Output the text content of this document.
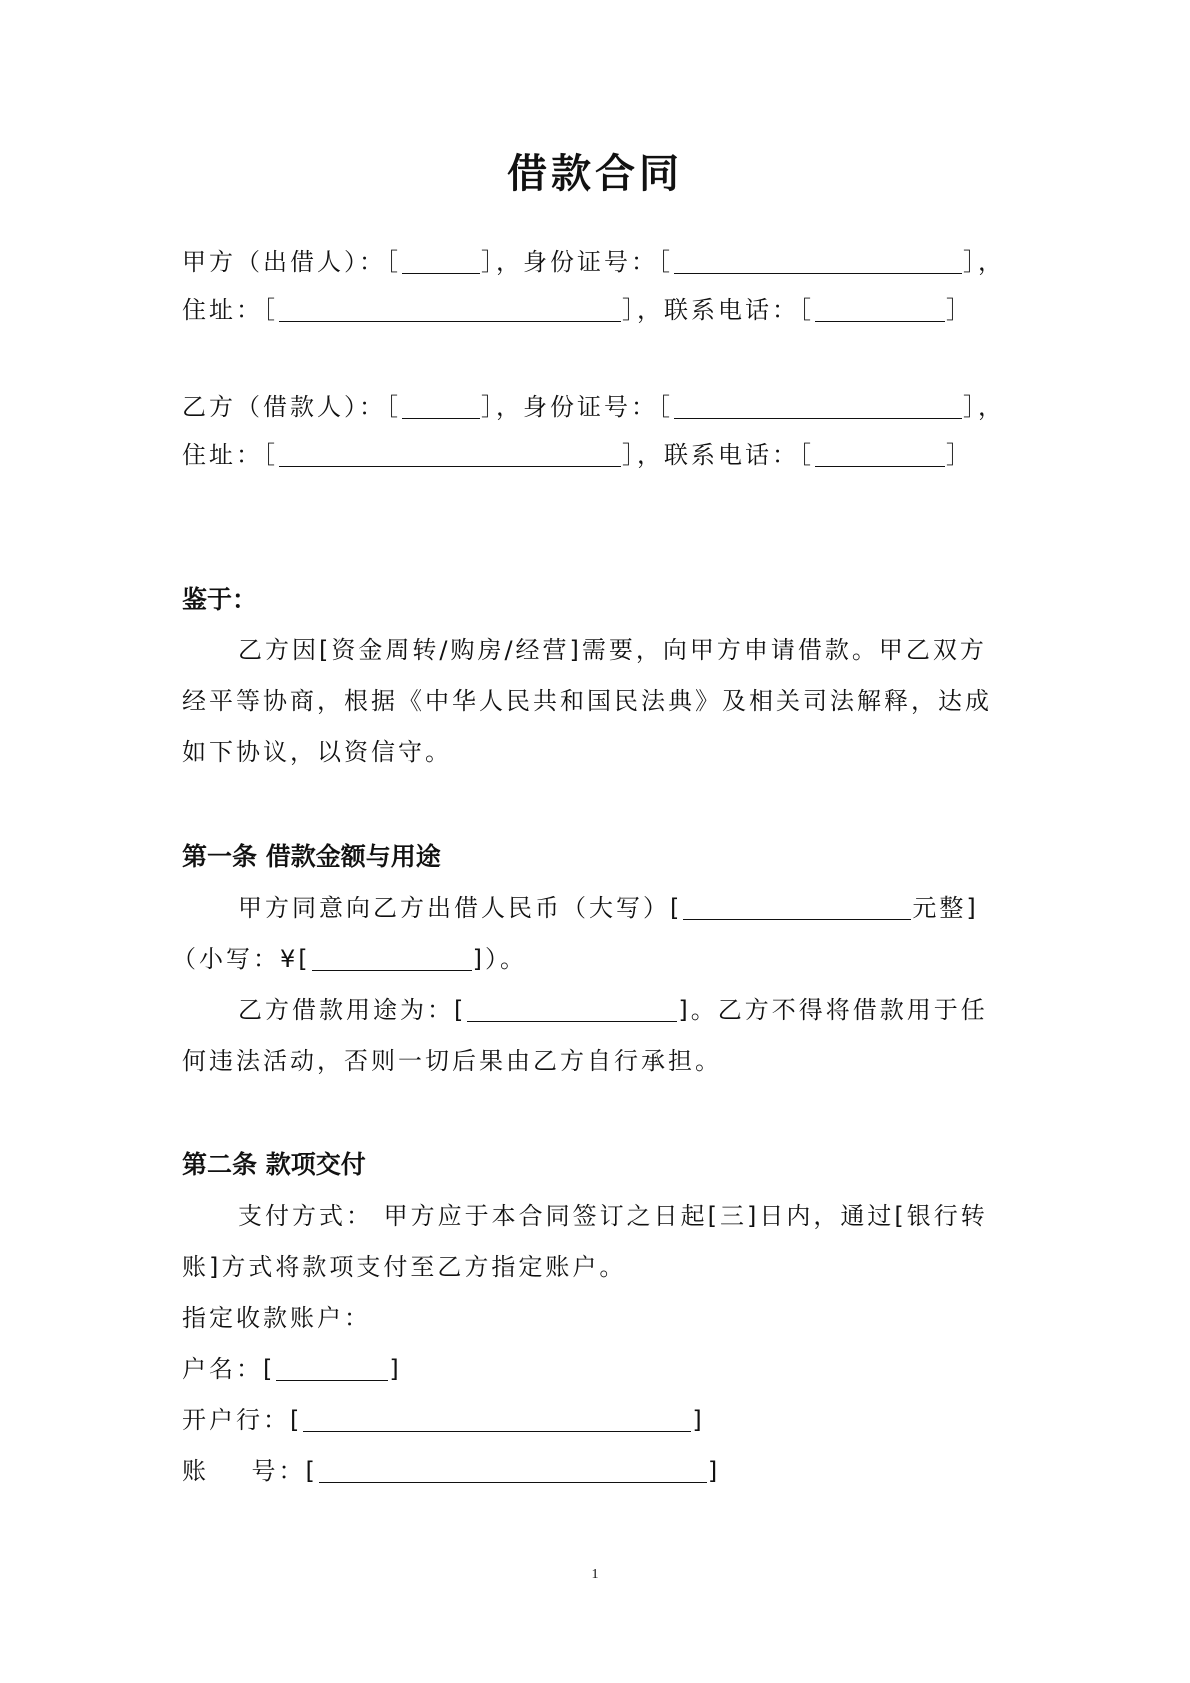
借款合同
甲方（出借人）：［	］，身份证号：［	］，
住址：［	］，联系电话：［	］
乙方（借款人）：［	］，身份证号：［	］，
住址：［	］，联系电话：［	］
鉴于：
乙方因[资金周转/购房/经营]需要，向甲方申请借款。甲乙双方
经平等协商，根据《中华人民共和国民法典》及相关司法解释，达成
如下协议，以资信守。
第一条 借款金额与用途
甲方同意向乙方出借人民币（大写）[	元整]
（小写：¥[	]）。
乙方借款用途为：[	]。乙方不得将借款用于任
何违法活动，否则一切后果由乙方自行承担。
第二条 款项交付
支付方式： 甲方应于本合同签订之日起[三]日内，通过[银行转
账]方式将款项支付至乙方指定账户。
指定收款账户：
户名：[	]
开户行：[	]
账    号：[	]
1
